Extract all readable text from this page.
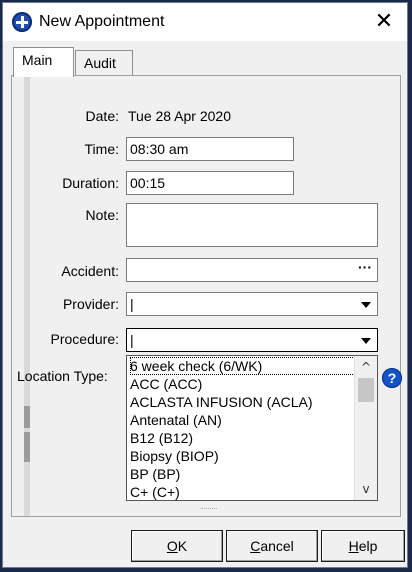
New Appointment	✕
Main	Audit
Date: Tue 28 Apr 2020
Time: 08:30 am
Duration: 00:15
Note:
Accident:	···
Provider: |
Procedure: |
Location Type:
6 week check (6/WK)
ACC (ACC)
ACLASTA INFUSION (ACLA)
Antenatal (AN)
B12 (B12)
Biopsy (BIOP)
BP (BP)
C+ (C+)
^
v
?
OK	Cancel	Help
